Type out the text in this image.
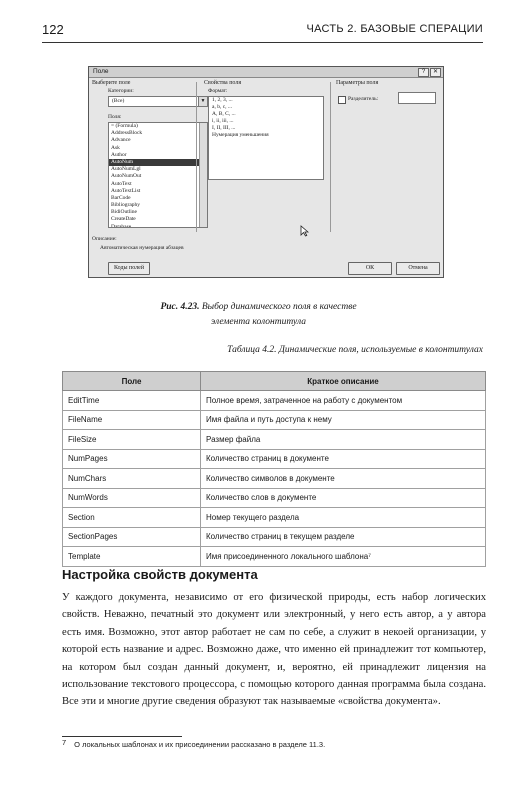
122	ЧАСТЬ 2. БАЗОВЫЕ СПЕРАЦИИ
Поле	?	✕
Выберите поле
Категории:
(Все)	▼
Поля:
= (Formula)
AddressBlock
Advance
Ask
Author
AutoNum
AutoNumLgl
AutoNumOut
AutoText
AutoTextList
BarCode
Bibliography
BidiOutline
CreateDate
Database
Свойства поля
Формат:
1, 2, 3, ...
a, b, c, ...
A, B, C, ...
i, ii, iii, ...
I, II, III, ...
Нумерация уменьшения
Параметры поля
Разделитель:
Описание:
Автоматическая нумерация абзацев
Коды полей	ОК	Отмена
Рис. 4.23. Выбор динамического поля в качестве
элемента колонтитула
Таблица 4.2. Динамические поля, используемые в колонтитулах
Поле	Краткое описание
EditTime	Полное время, затраченное на работу с документом
FileName	Имя файла и путь доступа к нему
FileSize	Размер файла
NumPages	Количество страниц в документе
NumChars	Количество символов в документе
NumWords	Количество слов в документе
Section	Номер текущего раздела
SectionPages	Количество страниц в текущем разделе
Template	Имя присоединенного локального шаблона⁷
Настройка свойств документа
У каждого документа, независимо от его физической природы, есть набор логических свойств. Неважно, печатный это документ или электронный, у него есть автор, а у автора есть имя. Возможно, этот автор работает не сам по себе, а служит в некоей организации, у которой есть название и адрес. Возможно даже, что именно ей принадлежит тот компьютер, на котором был создан данный документ, и, вероятно, ей принадлежит лицензия на использование текстового процессора, с помощью которого данная программа была создана. Все эти и многие другие сведения образуют так называемые «свойства документа».
7 О локальных шаблонах и их присоединении рассказано в разделе 11.3.
